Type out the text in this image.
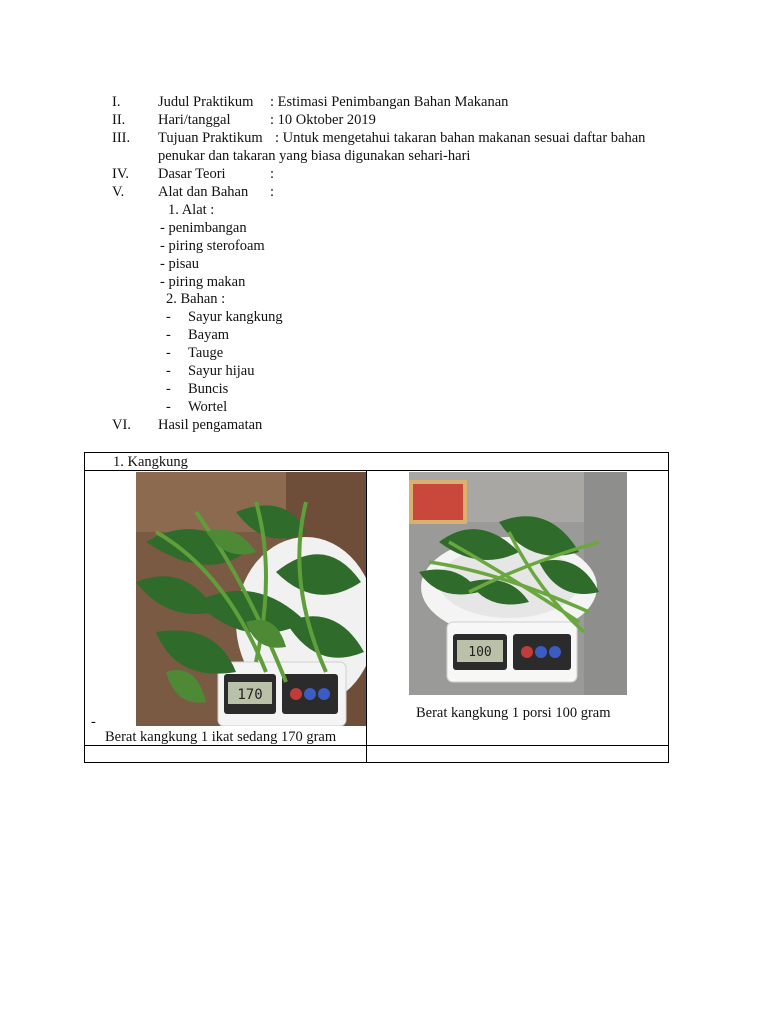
I.	Judul Praktikum : Estimasi Penimbangan Bahan Makanan
II. Hari/tanggal	: 10 Oktober 2019
III. Tujuan Praktikum : Untuk mengetahui takaran bahan makanan sesuai daftar bahan
penukar dan takaran yang biasa digunakan sehari-hari
IV. Dasar Teori	:
V. Alat dan Bahan :
1. Alat :
- penimbangan
- piring sterofoam
- pisau
- piring makan
2. Bahan :
- Sayur kangkung
- Bayam
- Tauge
- Sayur hijau
- Buncis
- Wortel
VI. Hasil pengamatan
1. Kangkung
170
-
Berat kangkung 1 ikat sedang 170 gram
100
Berat kangkung 1 porsi 100 gram
